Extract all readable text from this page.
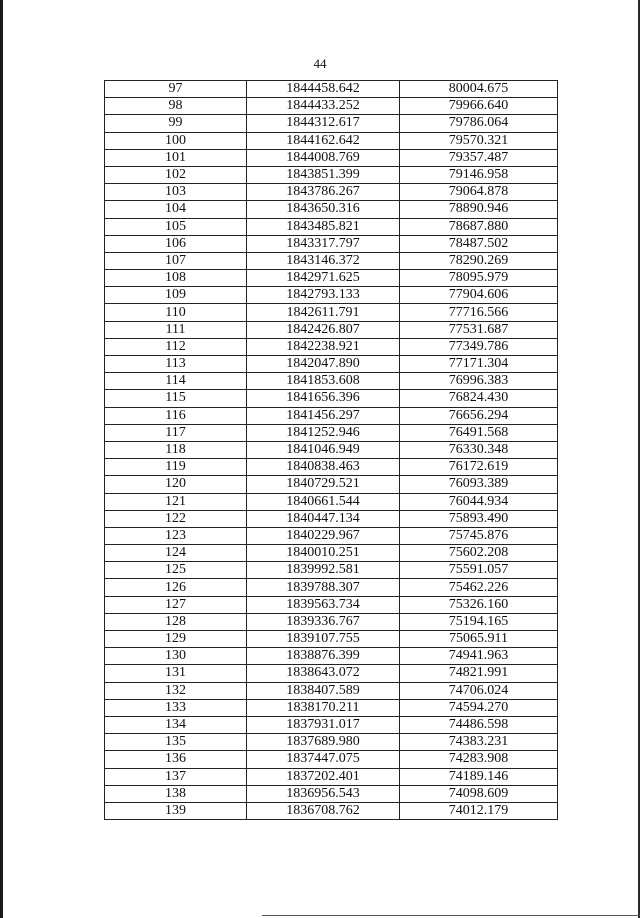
44
97	1844458.642	80004.675
98	1844433.252	79966.640
99	1844312.617	79786.064
100	1844162.642	79570.321
101	1844008.769	79357.487
102	1843851.399	79146.958
103	1843786.267	79064.878
104	1843650.316	78890.946
105	1843485.821	78687.880
106	1843317.797	78487.502
107	1843146.372	78290.269
108	1842971.625	78095.979
109	1842793.133	77904.606
110	1842611.791	77716.566
111	1842426.807	77531.687
112	1842238.921	77349.786
113	1842047.890	77171.304
114	1841853.608	76996.383
115	1841656.396	76824.430
116	1841456.297	76656.294
117	1841252.946	76491.568
118	1841046.949	76330.348
119	1840838.463	76172.619
120	1840729.521	76093.389
121	1840661.544	76044.934
122	1840447.134	75893.490
123	1840229.967	75745.876
124	1840010.251	75602.208
125	1839992.581	75591.057
126	1839788.307	75462.226
127	1839563.734	75326.160
128	1839336.767	75194.165
129	1839107.755	75065.911
130	1838876.399	74941.963
131	1838643.072	74821.991
132	1838407.589	74706.024
133	1838170.211	74594.270
134	1837931.017	74486.598
135	1837689.980	74383.231
136	1837447.075	74283.908
137	1837202.401	74189.146
138	1836956.543	74098.609
139	1836708.762	74012.179
